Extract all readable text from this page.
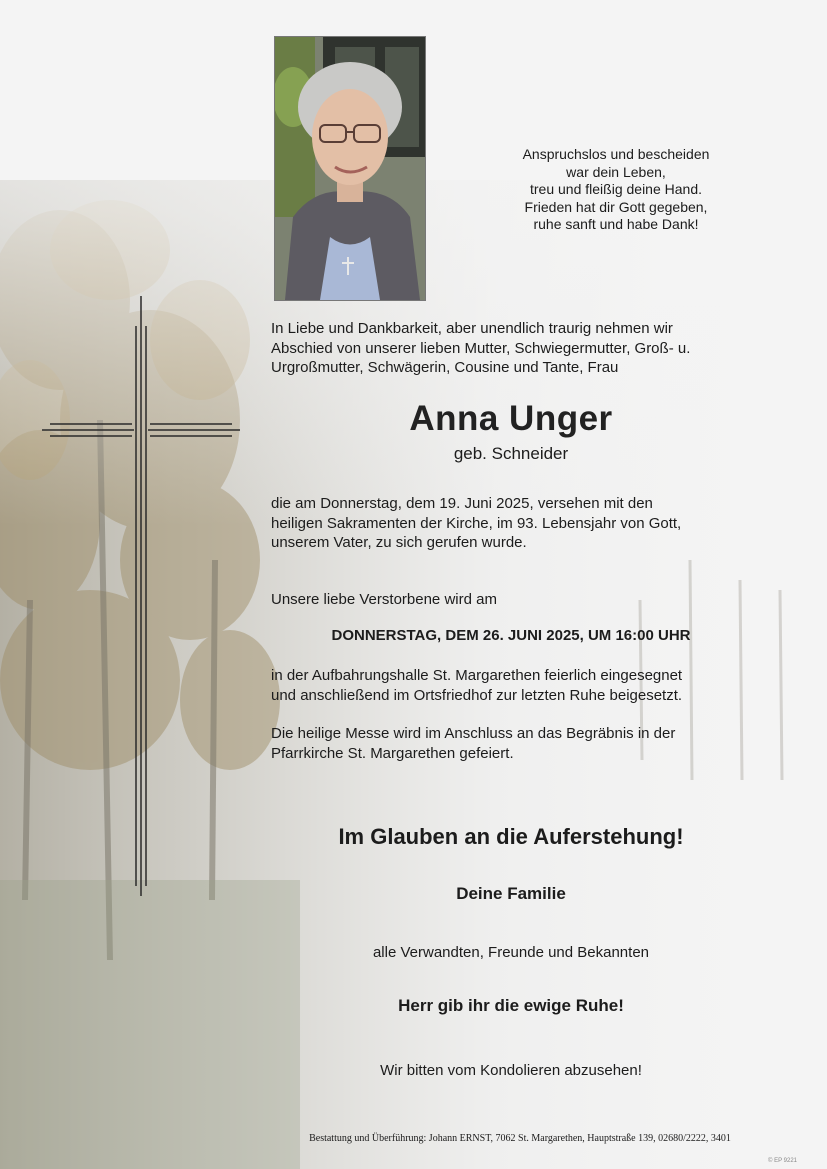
Anspruchslos und bescheiden
war dein Leben,
treu und fleißig deine Hand.
Frieden hat dir Gott gegeben,
ruhe sanft und habe Dank!
In Liebe und Dankbarkeit, aber unendlich traurig nehmen wir
Abschied von unserer lieben Mutter, Schwiegermutter, Groß- u.
Urgroßmutter, Schwägerin, Cousine und Tante, Frau
Anna Unger
geb. Schneider
die am Donnerstag, dem 19. Juni 2025, versehen mit den
heiligen Sakramenten der Kirche, im 93. Lebensjahr von Gott,
unserem Vater, zu sich gerufen wurde.
Unsere liebe Verstorbene wird am
DONNERSTAG, DEM 26. JUNI 2025, UM 16:00 UHR
in der Aufbahrungshalle St. Margarethen feierlich eingesegnet
und anschließend im Ortsfriedhof zur letzten Ruhe beigesetzt.
Die heilige Messe wird im Anschluss an das Begräbnis in der
Pfarrkirche St. Margarethen gefeiert.
Im Glauben an die Auferstehung!
Deine Familie
alle Verwandten, Freunde und Bekannten
Herr gib ihr die ewige Ruhe!
Wir bitten vom Kondolieren abzusehen!
Bestattung und Überführung: Johann ERNST, 7062 St. Margarethen, Hauptstraße 139, 02680/2222, 3401
© EP 9221
